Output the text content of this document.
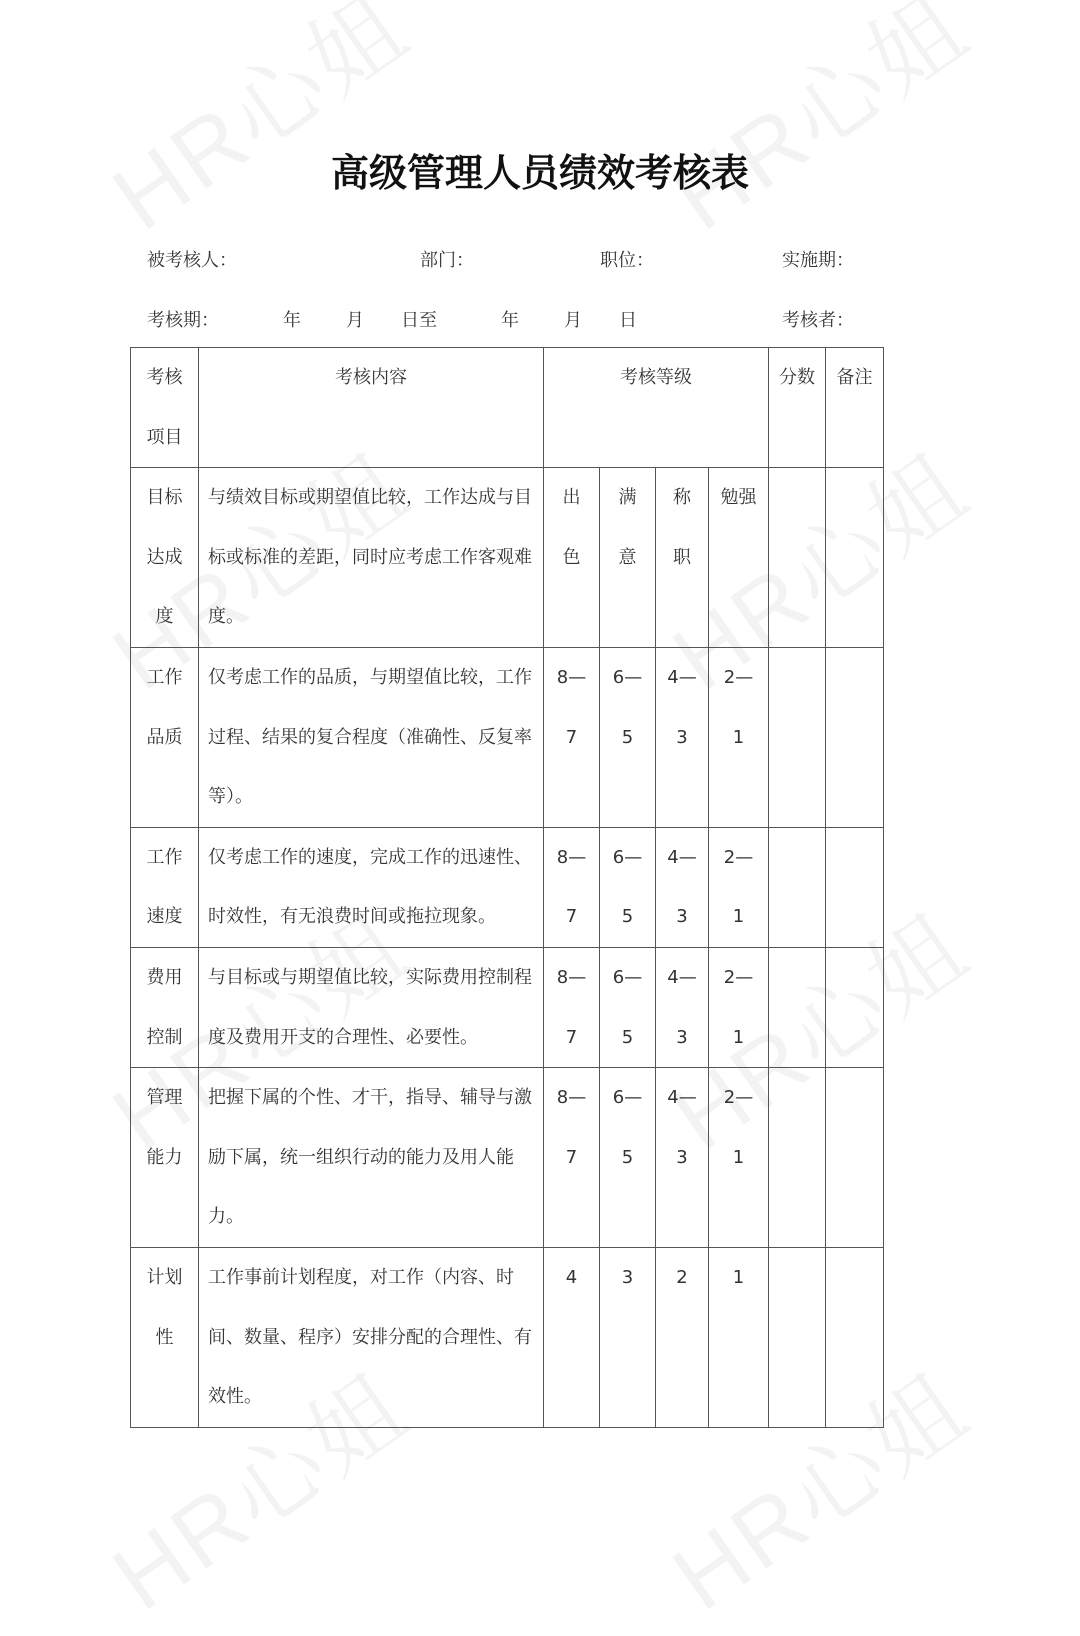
高级管理人员绩效考核表
被考核人：	部门：	职位：	实施期：
考核期：	年	月 日至	年	月 日	考核者：
考核项目	考核内容	考核等级				分数	备注

目标达成度	与绩效目标或期望值比较，工作达成与目标或标准的差距，同时应考虑工作客观难度。	出色	满意	称职	勉强		

工作品质	仅考虑工作的品质，与期望值比较，工作过程、结果的复合程度（准确性、反复率等）。	8—7	6—5	4—3	2—1		

工作速度	仅考虑工作的速度，完成工作的迅速性、时效性，有无浪费时间或拖拉现象。	8—7	6—5	4—3	2—1		

费用控制	与目标或与期望值比较，实际费用控制程度及费用开支的合理性、必要性。	8—7	6—5	4—3	2—1		

管理能力	把握下属的个性、才干，指导、辅导与激励下属，统一组织行动的能力及用人能力。	8—7	6—5	4—3	2—1		

计划性	工作事前计划程度，对工作（内容、时间、数量、程序）安排分配的合理性、有效性。	4	3	2	1		
